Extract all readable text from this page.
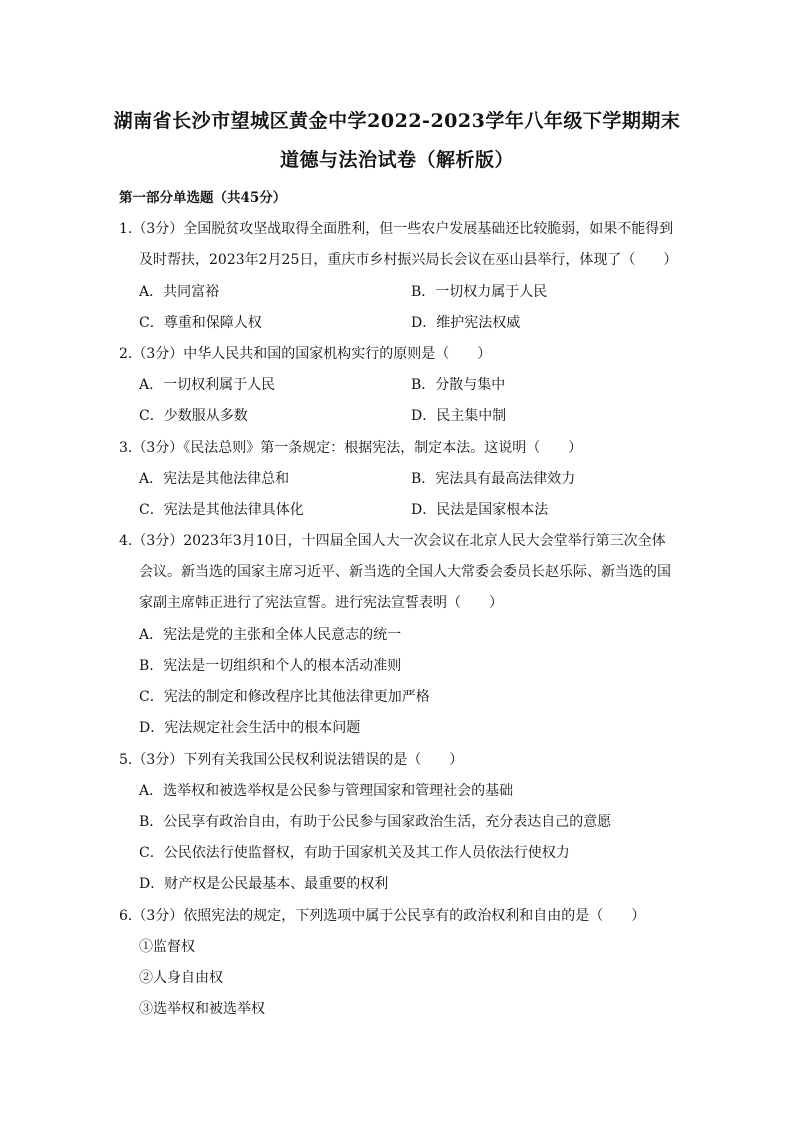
湖南省长沙市望城区黄金中学2022-2023学年八年级下学期期末
道德与法治试卷（解析版）
第一部分单选题（共45分）
1.（3分）全国脱贫攻坚战取得全面胜利，但一些农户发展基础还比较脆弱，如果不能得到
及时帮扶，2023年2月25日，重庆市乡村振兴局长会议在巫山县举行，体现了（　　）
A．共同富裕	B．一切权力属于人民
C．尊重和保障人权	D．维护宪法权威
2.（3分）中华人民共和国的国家机构实行的原则是（　　）
A．一切权利属于人民	B．分散与集中
C．少数服从多数	D．民主集中制
3.（3分）《民法总则》第一条规定：根据宪法，制定本法。这说明（　　）
A．宪法是其他法律总和	B．宪法具有最高法律效力
C．宪法是其他法律具体化	D．民法是国家根本法
4.（3分）2023年3月10日，十四届全国人大一次会议在北京人民大会堂举行第三次全体
会议。新当选的国家主席习近平、新当选的全国人大常委会委员长赵乐际、新当选的国
家副主席韩正进行了宪法宣誓。进行宪法宣誓表明（　　）
A．宪法是党的主张和全体人民意志的统一
B．宪法是一切组织和个人的根本活动准则
C．宪法的制定和修改程序比其他法律更加严格
D．宪法规定社会生活中的根本问题
5.（3分）下列有关我国公民权利说法错误的是（　　）
A．选举权和被选举权是公民参与管理国家和管理社会的基础
B．公民享有政治自由，有助于公民参与国家政治生活，充分表达自己的意愿
C．公民依法行使监督权，有助于国家机关及其工作人员依法行使权力
D．财产权是公民最基本、最重要的权利
6.（3分）依照宪法的规定，下列选项中属于公民享有的政治权利和自由的是（　　）
①监督权
②人身自由权
③选举权和被选举权
